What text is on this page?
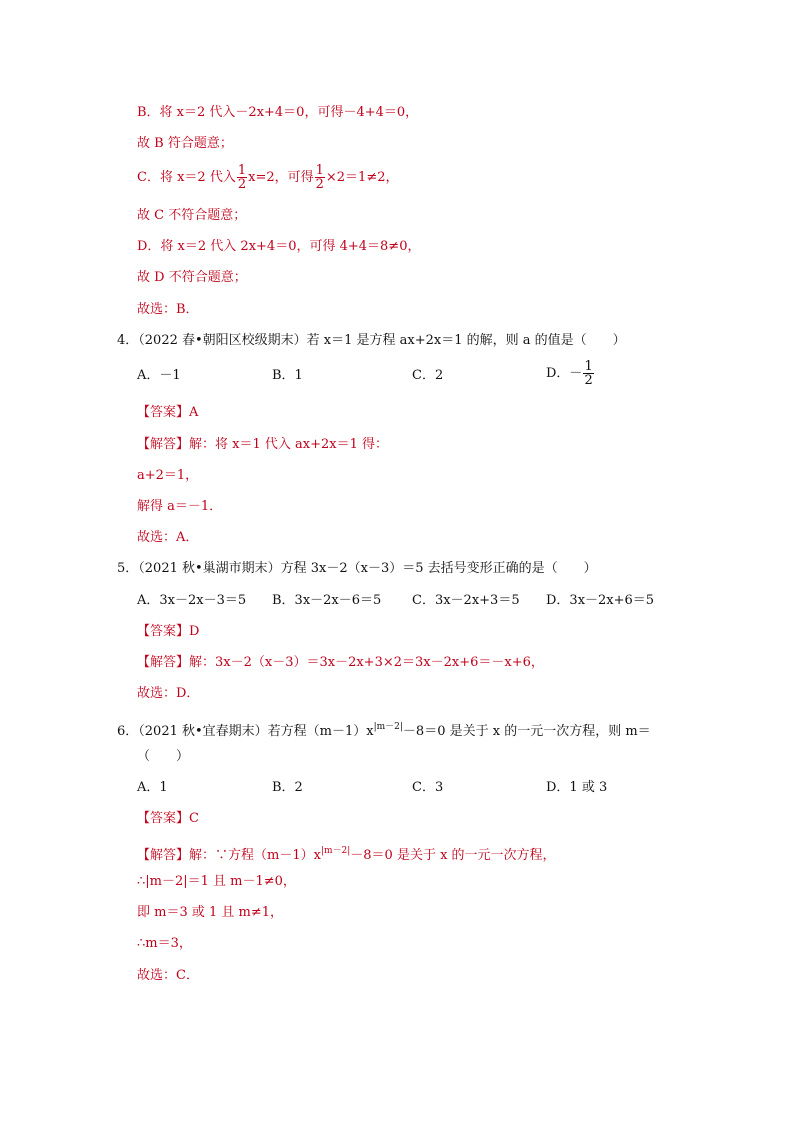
B．将 x＝2 代入－2x+4＝0，可得－4+4＝0，
故 B 符合题意；
C．将 x＝2 代入 $\frac{1}{2} x=2$，可得 $\frac{1}{2} \times 2=1\ne 2$，
故 C 不符合题意；
D．将 x＝2 代入 2x+4＝0，可得 4+4＝8≠0，
故 D 不符合题意；
故选：B．
4．（2022 春•朝阳区校级期末）若 x＝1 是方程 ax+2x＝1 的解，则 a 的值是（　　）
A．－1	B．1	C．2	D．－ $\frac{1}{2}$
【答案】A
【解答】解：将 x＝1 代入 ax+2x＝1 得：
a+2＝1，
解得 a＝－1．
故选：A．
5．（2021 秋•巢湖市期末）方程 3x－2（x－3）＝5 去括号变形正确的是（　　）
A．3x－2x－3＝5 B．3x－2x－6＝5 C．3x－2x+3＝5 D．3x－2x+6＝5
【答案】D
【解答】解：3x－2（x－3）＝3x－2x+3×2＝3x－2x+6＝－x+6，
故选：D．
6．（2021 秋•宜春期末）若方程$(m-1)x^{|m-2|}-8=0$ 是关于 x 的一元一次方程，则 m＝
（　　）
A．1	B．2	C．3	D．1 或 3
【答案】C
【解答】解：∵方程$(m-1)x^{|m-2|}-8=0$ 是关于 x 的一元一次方程，
∴|m－2|＝1 且 m－1≠0，
即 m＝3 或 1 且 m≠1，
∴m＝3，
故选：C．
